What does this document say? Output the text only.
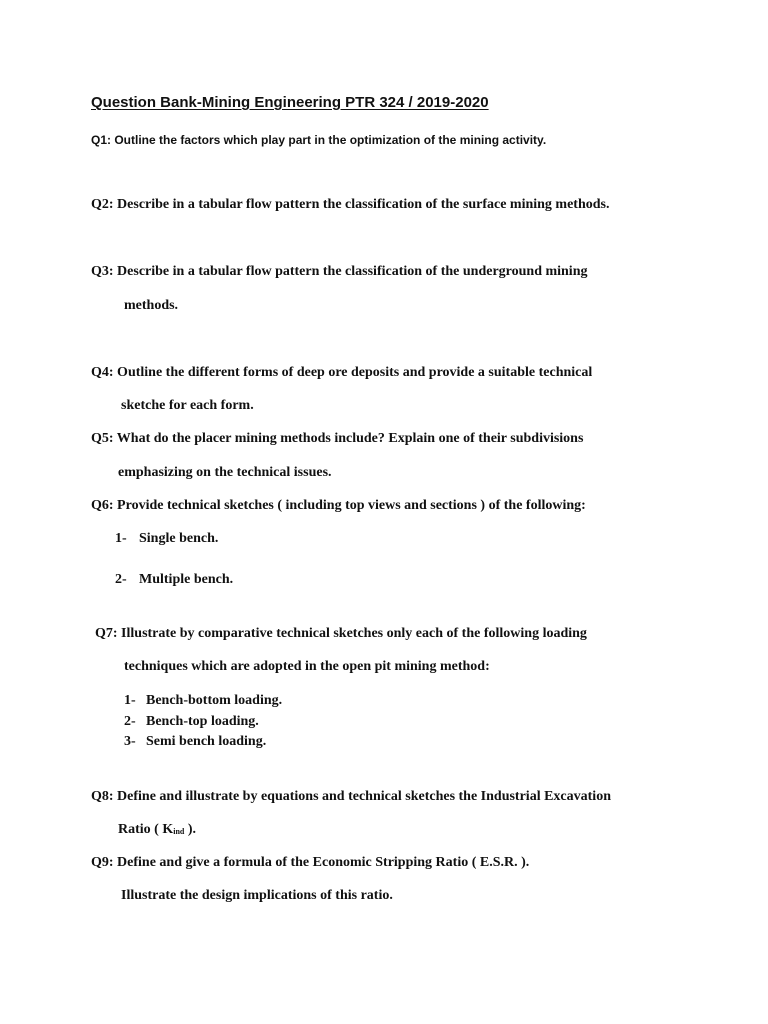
Question Bank-Mining Engineering PTR 324 / 2019-2020
Q1: Outline the factors which play part in the optimization of the mining activity.
Q2: Describe in a tabular flow pattern the classification of the surface mining methods.
Q3: Describe in a tabular flow pattern the classification of the underground mining
methods.
Q4: Outline the different forms of deep ore deposits and provide a suitable technical
sketche for each form.
Q5: What do the placer mining methods include? Explain one of their subdivisions
emphasizing on the technical issues.
Q6: Provide technical sketches ( including top views and sections ) of the following:
1- Single bench.
2- Multiple bench.
Q7: Illustrate by comparative technical sketches only each of the following loading
techniques which are adopted in the open pit mining method:
1- Bench-bottom loading.
2- Bench-top loading.
3- Semi bench loading.
Q8: Define and illustrate by equations and technical sketches the Industrial Excavation
Ratio ( $K_{ind}$ ).
Q9: Define and give a formula of the Economic Stripping Ratio ( E.S.R. ).
Illustrate the design implications of this ratio.
